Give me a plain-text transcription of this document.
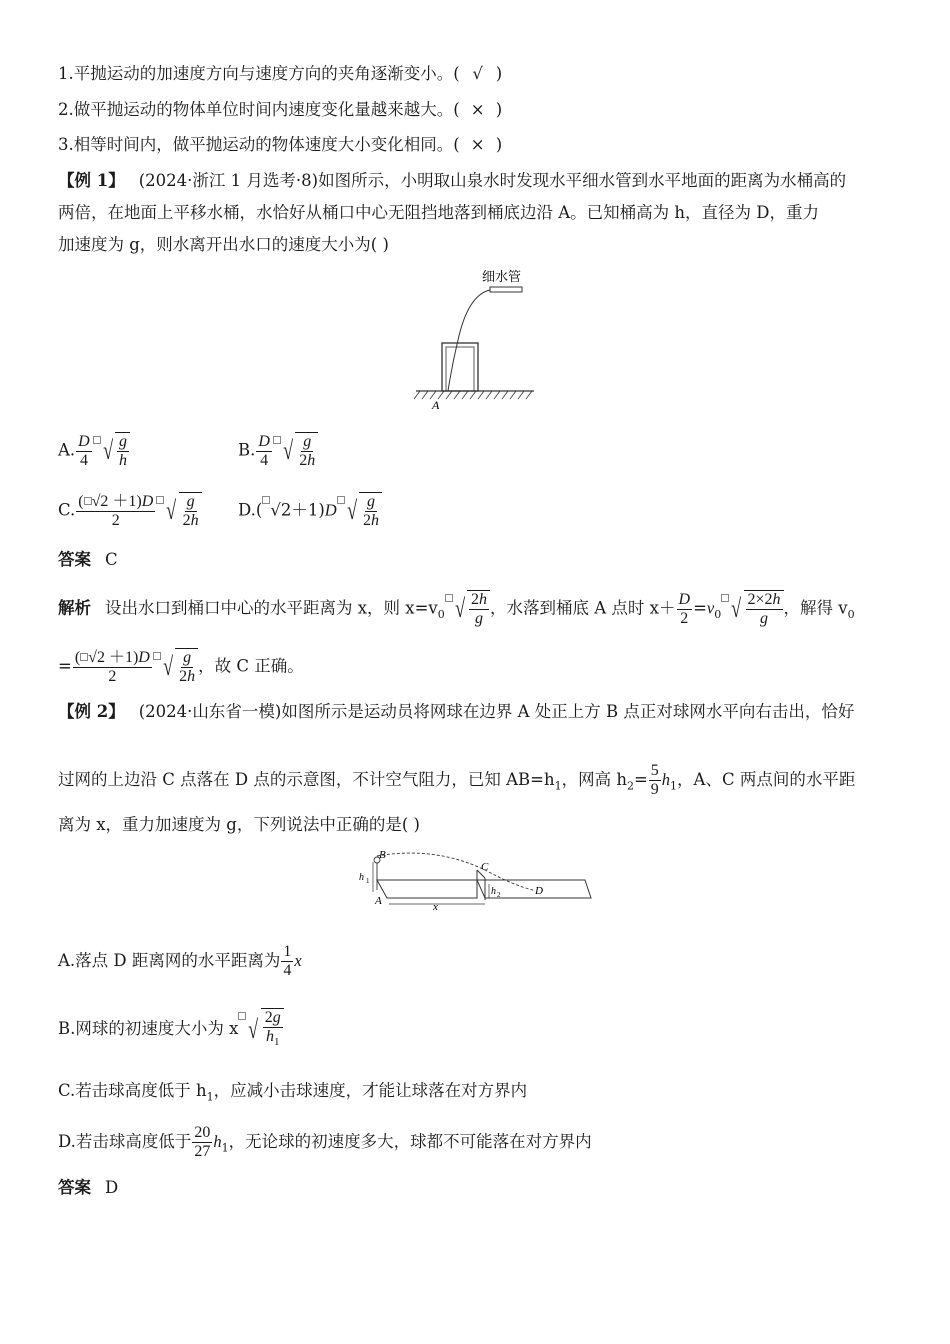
1.平抛运动的加速度方向与速度方向的夹角逐渐变小。( √ )
2.做平抛运动的物体单位时间内速度变化量越来越大。( × )
3.相等时间内，做平抛运动的物体速度大小变化相同。( × )
【例 1】 (2024·浙江 1 月选考·8)如图所示，小明取山泉水时发现水平细水管到水平地面的距离为水桶高的
两倍，在地面上平移水桶，水恰好从桶口中心无阻挡地落到桶底边沿 A。已知桶高为 h，直径为 D，重力
加速度为 g，则水离开出水口的速度大小为( )
细水管
A
A. $\frac{D}{4}$ √ $\frac{g}{h}$	B. $\frac{D}{4}$ √ $\frac{g}{2h}$
C. $\frac{( √2 +1)D}{2}$ √ $\frac{g}{2h} D$.( √2＋1)D √ $\frac{g}{2h}$
答案 C
解析 设出水口到桶口中心的水平距离为 x，则 $x=v_0$ √ $\frac{2h}{g}$ ，水落到桶底 A 点时 $x+ \frac{D}{2} =v_0$ √ $\frac{2\times 2h}{g}$ ，解得 $v_0$
= $\frac{( √2 +1)D}{2}$ √ $\frac{g}{2h}$ ，故 C 正确。
【例 2】 (2024·山东省一模)如图所示是运动员将网球在边界 A 处正上方 B 点正对球网水平向右击出，恰好
过网的上边沿 C 点落在 D 点的示意图，不计空气阻力，已知 $AB=h_1$，网高 $h_2= \frac{5}{9} h_1$，A、C 两点间的水平距
离为 x，重力加速度为 g，下列说法中正确的是( )
B
C
A
D
x
h 1
h 2
A.落点 D 距离网的水平距离为 $\frac{1}{4}$ x
B.网球的初速度大小为 x √ $\frac{2g}{h_1}$
C.若击球高度低于 $h_1$，应减小击球速度，才能让球落在对方界内
D.若击球高度低于 $\frac{20}{27} h_1$，无论球的初速度多大，球都不可能落在对方界内
答案 D
